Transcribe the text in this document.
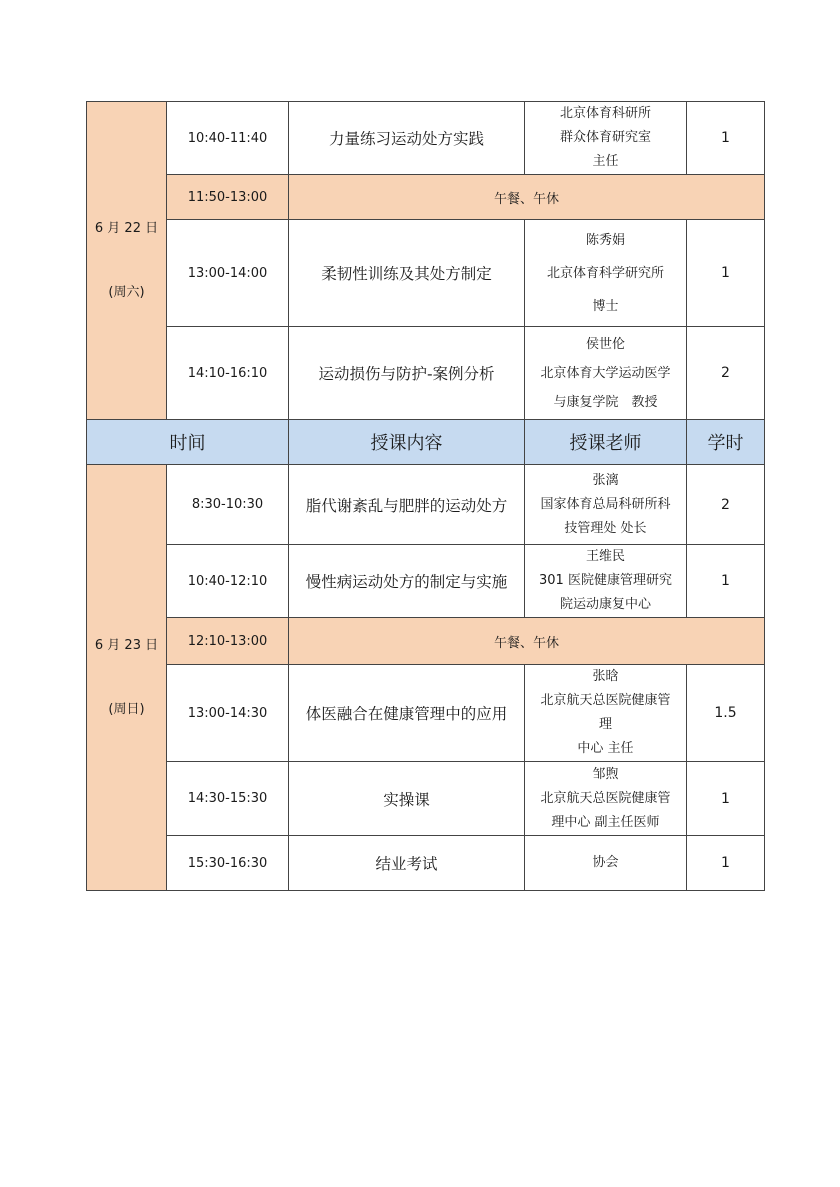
6 月 22 日
(周六)	10:40-11:40	力量练习运动处方实践	北京体育科研所
群众体育研究室
主任	1
	11:50-13:00	午餐、午休		
	13:00-14:00	柔韧性训练及其处方制定	陈秀娟
北京体育科学研究所
博士	1
	14:10-16:10	运动损伤与防护-案例分析	侯世伦
北京体育大学运动医学
与康复学院　教授	2
时间		授课内容	授课老师	学时

6 月 23 日
(周日)	8:30-10:30	脂代谢紊乱与肥胖的运动处方	张漓
国家体育总局科研所科
技管理处 处长	2
	10:40-12:10	慢性病运动处方的制定与实施	王维民
301 医院健康管理研究
院运动康复中心	1
	12:10-13:00	午餐、午休		
	13:00-14:30	体医融合在健康管理中的应用	张晗
北京航天总医院健康管
理
中心 主任	1.5
	14:30-15:30	实操课	邹煦
北京航天总医院健康管
理中心 副主任医师	1
	15:30-16:30	结业考试	协会	1
